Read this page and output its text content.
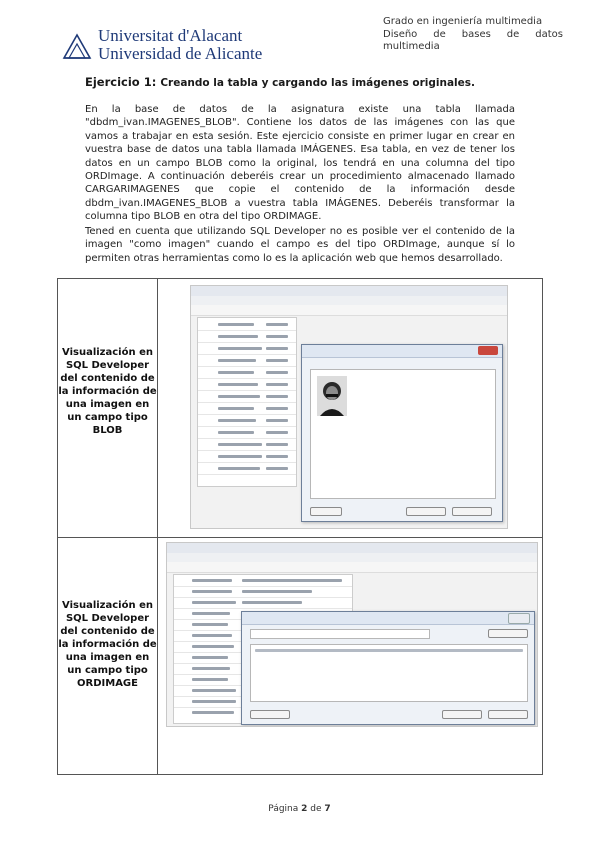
Universitat d'Alacant
Universidad de Alicante
Grado en ingeniería multimedia
Diseño de bases de datos
multimedia
Ejercicio 1: Creando la tabla y cargando las imágenes originales.
En la base de datos de la asignatura existe una tabla llamada "dbdm_ivan.IMAGENES_BLOB". Contiene los datos de las imágenes con las que vamos a trabajar en esta sesión. Este ejercicio consiste en primer lugar en crear en vuestra base de datos una tabla llamada IMÁGENES. Esa tabla, en vez de tener los datos en un campo BLOB como la original, los tendrá en una columna del tipo ORDImage. A continuación deberéis crear un procedimiento almacenado llamado CARGARIMAGENES que copie el contenido de la información desde dbdm_ivan.IMAGENES_BLOB a vuestra tabla IMÁGENES. Deberéis transformar la columna tipo BLOB en otra del tipo ORDIMAGE.
Tened en cuenta que utilizando SQL Developer no es posible ver el contenido de la imagen "como imagen" cuando el campo es del tipo ORDImage, aunque sí lo permiten otras herramientas como lo es la aplicación web que hemos desarrollado.
Visualización en SQL Developer del contenido de la información de una imagen en un campo tipo BLOB
Visualización en SQL Developer del contenido de la información de una imagen en un campo tipo ORDIMAGE
Página 2 de 7
